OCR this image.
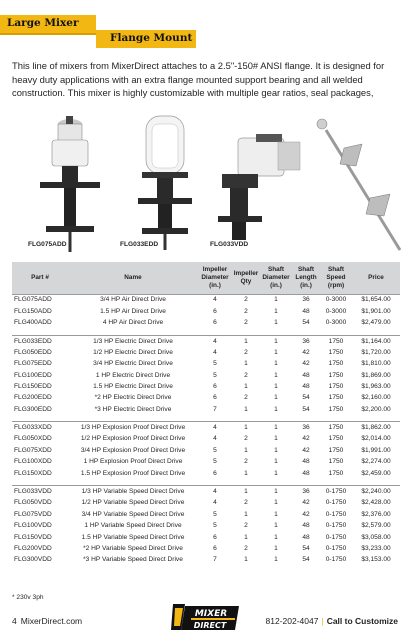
Large Mixer
Flange Mount

This line of mixers from MixerDirect attaches to a 2.5"-150# ANSI flange. It is designed for heavy duty applications with an extra flange mounted support bearing and all welded construction. This mixer is highly customizable with multiple gear ratios, seal packages,

FLG075ADD	FLG033EDD	FLG033VDD
Part #	Name	Impeller Diameter (in.)	Impeller Qty	Shaft Diameter (in.)	Shaft Length (in.)	Shaft Speed (rpm)	Price
FLG075ADD	3/4 HP Air Direct Drive	4	2	1	36	0-3000	$1,654.00
FLG150ADD	1.5 HP Air Direct Drive	6	2	1	48	0-3000	$1,901.00
FLG400ADD	4 HP Air Direct Drive	6	2	1	54	0-3000	$2,479.00

FLG033EDD	1/3 HP Electric Direct Drive	4	1	1	36	1750	$1,164.00
FLG050EDD	1/2 HP Electric Direct Drive	4	2	1	42	1750	$1,720.00
FLG075EDD	3/4 HP Electric Direct Drive	5	1	1	42	1750	$1,810.00
FLG100EDD	1 HP Electric Direct Drive	5	2	1	48	1750	$1,869.00
FLG150EDD	1.5 HP Electric Direct Drive	6	1	1	48	1750	$1,963.00
FLG200EDD	*2 HP Electric Direct Drive	6	2	1	54	1750	$2,160.00
FLG300EDD	*3 HP Electric Direct Drive	7	1	1	54	1750	$2,200.00

FLG033XDD	1/3 HP Explosion Proof Direct Drive	4	1	1	36	1750	$1,862.00
FLG050XDD	1/2 HP Explosion Proof Direct Drive	4	2	1	42	1750	$2,014.00
FLG075XDD	3/4 HP Explosion Proof Direct Drive	5	1	1	42	1750	$1,991.00
FLG100XDD	1 HP Explosion Proof Direct Drive	5	2	1	48	1750	$2,274.00
FLG150XDD	1.5 HP Explosion Proof Direct Drive	6	1	1	48	1750	$2,459.00

FLG033VDD	1/3 HP Variable Speed Direct Drive	4	1	1	36	0-1750	$2,240.00
FLG050VDD	1/2 HP Variable Speed Direct Drive	4	2	1	42	0-1750	$2,428.00
FLG075VDD	3/4 HP Variable Speed Direct Drive	5	1	1	42	0-1750	$2,376.00
FLG100VDD	1 HP Variable Speed Direct Drive	5	2	1	48	0-1750	$2,579.00
FLG150VDD	1.5 HP Variable Speed Direct Drive	6	1	1	48	0-1750	$3,058.00
FLG200VDD	*2 HP Variable Speed Direct Drive	6	2	1	54	0-1750	$3,233.00
FLG300VDD	*3 HP Variable Speed Direct Drive	7	1	1	54	0-1750	$3,153.00
* 230v 3ph
4 MixerDirect.com
MIXER
DIRECT	812-202-4047 | Call to Customize
